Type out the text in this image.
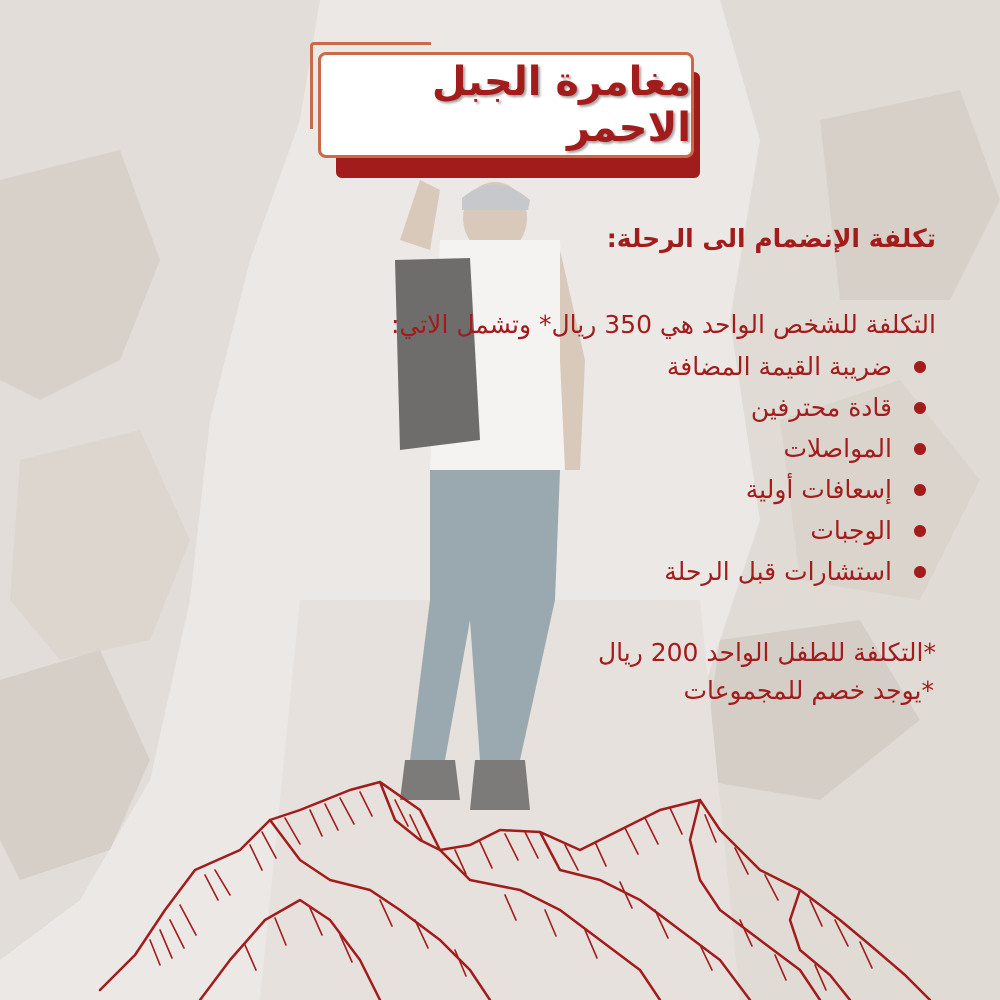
مغامرة الجبل الاحمر

تكلفة الإنضمام الى الرحلة:

التكلفة للشخص الواحد هي 350 ريال* وتشمل الاتي:

ضريبة القيمة المضافة
قادة محترفين
المواصلات
إسعافات أولية
الوجبات
استشارات قبل الرحلة

*التكلفة للطفل الواحد 200 ريال

*يوجد خصم للمجموعات
